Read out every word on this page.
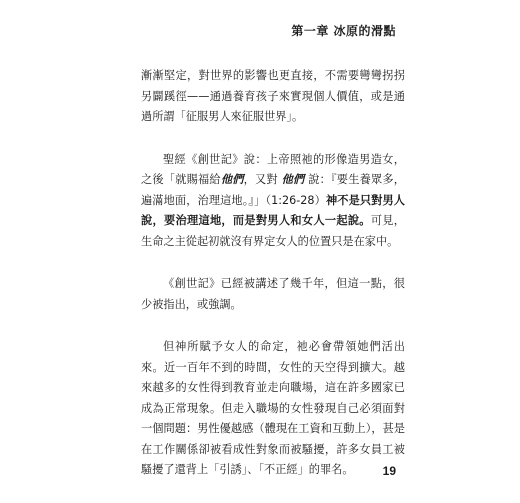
第一章 冰原的滑點

漸漸堅定，對世界的影響也更直接，不需要彎彎拐拐另闢蹊徑——通過養育孩子來實現個人價值，或是通過所謂「征服男人來征服世界」。

聖經《創世記》說：上帝照祂的形像造男造女，之後「就賜福給他們，又對 他們 說：『要生養眾多，遍滿地面，治理這地。』」（1:26-28）神不是只對男人說，要治理這地，而是對男人和女人一起說。可見，生命之主從起初就沒有界定女人的位置只是在家中。

《創世記》已經被講述了幾千年，但這一點，很少被指出，或強調。

但神所賦予女人的命定，祂必會帶領她們活出來。近一百年不到的時間，女性的天空得到擴大。越來越多的女性得到教育並走向職場，這在許多國家已成為正常現象。但走入職場的女性發現自己必須面對一個問題：男性優越感（體現在工資和互動上），甚是在工作關係卻被看成性對象而被騷擾，許多女員工被騷擾了還背上「引誘」、「不正經」的罪名。	19
